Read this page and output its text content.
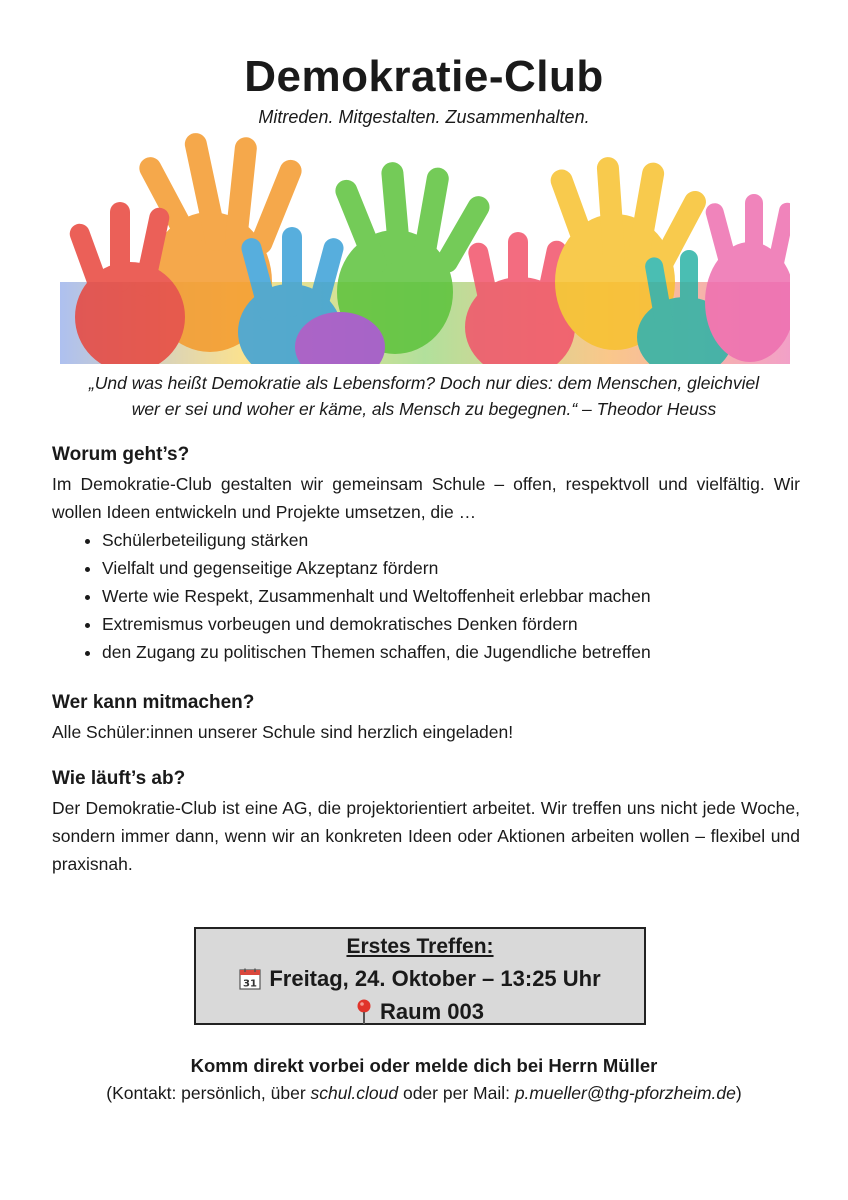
Demokratie-Club

Mitreden. Mitgestalten. Zusammenhalten.

„Und was heißt Demokratie als Lebensform? Doch nur dies: dem Menschen, gleichviel
wer er sei und woher er käme, als Mensch zu begegnen.“ – Theodor Heuss
Worum geht’s?

Im Demokratie-Club gestalten wir gemeinsam Schule – offen, respektvoll und vielfältig. Wir wollen Ideen entwickeln und Projekte umsetzen, die …

• Schülerbeteiligung stärken
• Vielfalt und gegenseitige Akzeptanz fördern
• Werte wie Respekt, Zusammenhalt und Weltoffenheit erlebbar machen
• Extremismus vorbeugen und demokratisches Denken fördern
• den Zugang zu politischen Themen schaffen, die Jugendliche betreffen
Wer kann mitmachen?

Alle Schüler:innen unserer Schule sind herzlich eingeladen!

Wie läuft’s ab?

Der Demokratie-Club ist eine AG, die projektorientiert arbeitet. Wir treffen uns nicht jede Woche, sondern immer dann, wenn wir an konkreten Ideen oder Aktionen arbeiten wollen – flexibel und praxisnah.

Erstes Treffen:
31 Freitag, 24. Oktober – 13:25 Uhr
Raum 003

Komm direkt vorbei oder melde dich bei Herrn Müller

(Kontakt: persönlich, über schul.cloud oder per Mail: p.mueller@thg-pforzheim.de)
